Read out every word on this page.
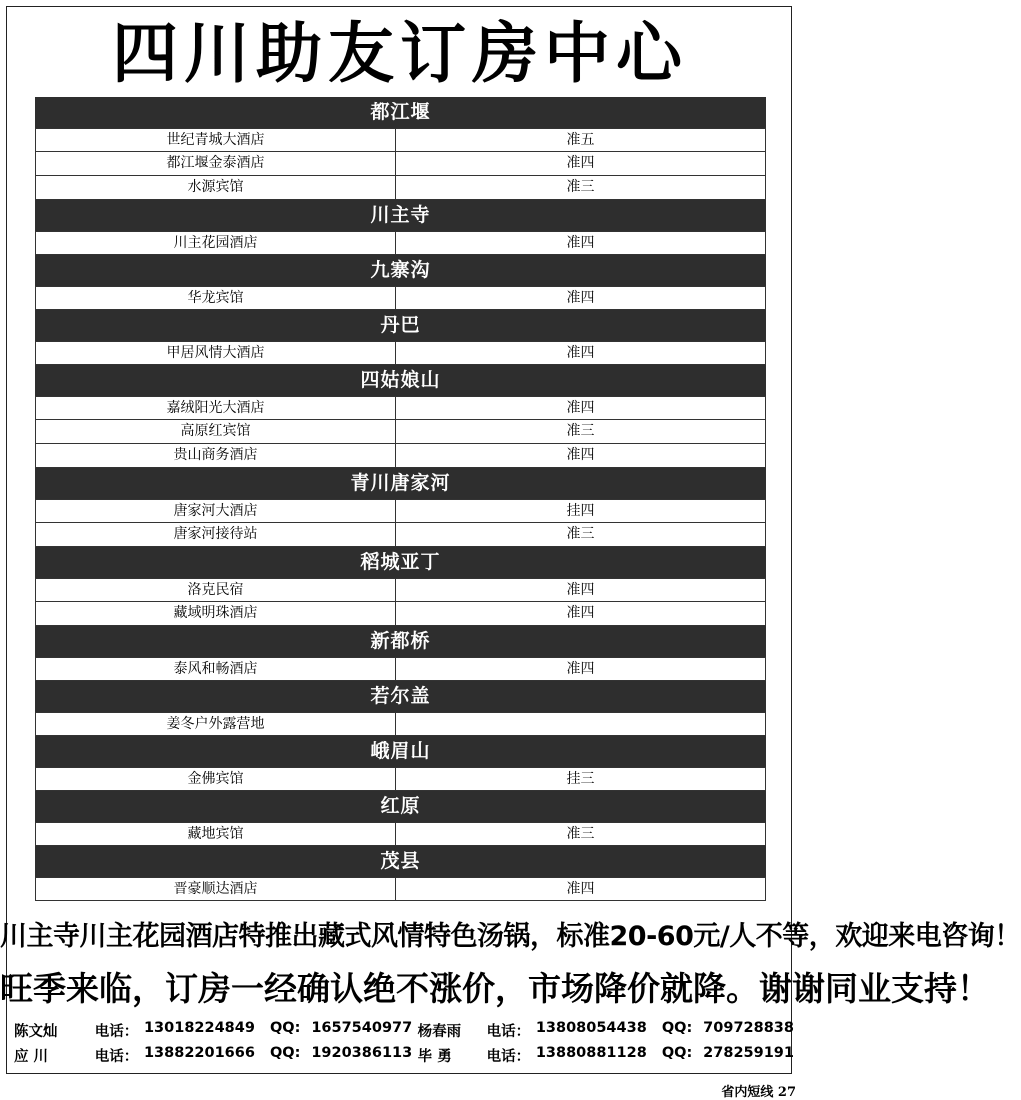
四川助友订房中心
都江堰
世纪青城大酒店	准五
都江堰金泰酒店	准四
水源宾馆	准三
川主寺
川主花园酒店	准四
九寨沟
华龙宾馆	准四
丹巴
甲居风情大酒店	准四
四姑娘山
嘉绒阳光大酒店	准四
高原红宾馆	准三
贵山商务酒店	准四
青川唐家河
唐家河大酒店	挂四
唐家河接待站	准三
稻城亚丁
洛克民宿	准四
藏域明珠酒店	准四
新都桥
泰风和畅酒店	准四
若尔盖
姜冬户外露营地
峨眉山
金佛宾馆	挂三
红原
藏地宾馆	准三
茂县
晋豪顺达酒店	准四
川主寺川主花园酒店特推出藏式风情特色汤锅，标准20-60元/人不等，欢迎来电咨询！
旺季来临，订房一经确认绝不涨价，市场降价就降。谢谢同业支持！
陈文灿	电话： 13018224849	QQ: 1657540977 杨春雨	电话： 13808054438	QQ: 709728838
应 川	电话： 13882201666	QQ: 1920386113 毕 勇	电话： 13880881128	QQ: 278259191
省内短线 27
